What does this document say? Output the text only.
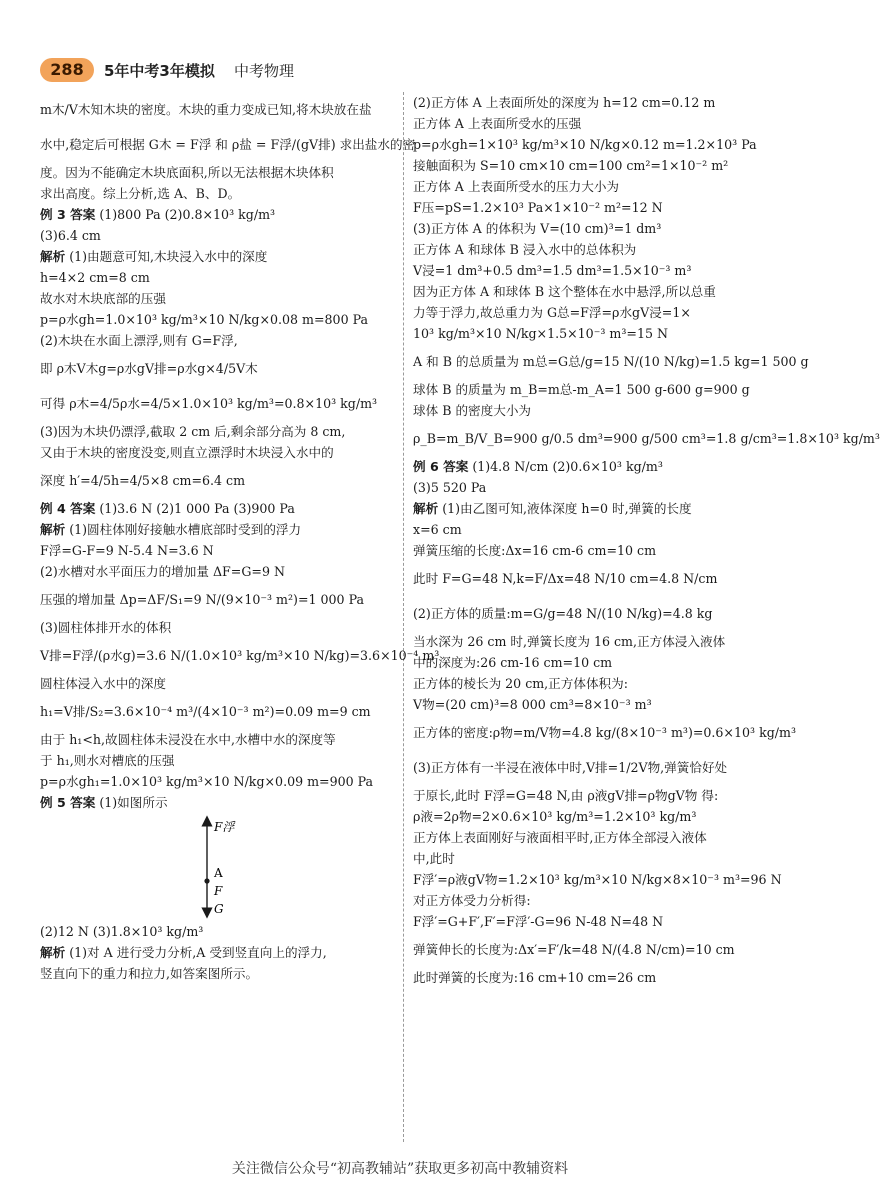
288	5年中考3年模拟 中考物理
m木/V木知木块的密度。木块的重力变成已知,将木块放在盐
水中,稳定后可根据 G木 = F浮 和 ρ盐 = F浮/(gV排) 求出盐水的密
度。因为不能确定木块底面积,所以无法根据木块体积
求出高度。综上分析,选 A、B、D。
例 3 答案 (1)800 Pa (2)0.8×10³ kg/m³
(3)6.4 cm
解析 (1)由题意可知,木块浸入水中的深度
h=4×2 cm=8 cm
故水对木块底部的压强
p=ρ水gh=1.0×10³ kg/m³×10 N/kg×0.08 m=800 Pa
(2)木块在水面上漂浮,则有 G=F浮,
即 ρ木V木g=ρ水gV排=ρ水g×4/5V木
可得 ρ木=4/5ρ水=4/5×1.0×10³ kg/m³=0.8×10³ kg/m³
(3)因为木块仍漂浮,截取 2 cm 后,剩余部分高为 8 cm,
又由于木块的密度没变,则直立漂浮时木块浸入水中的
深度 h′=4/5h=4/5×8 cm=6.4 cm
例 4 答案 (1)3.6 N (2)1 000 Pa (3)900 Pa
解析 (1)圆柱体刚好接触水槽底部时受到的浮力
F浮=G-F=9 N-5.4 N=3.6 N
(2)水槽对水平面压力的增加量 ΔF=G=9 N
压强的增加量 Δp=ΔF/S₁=9 N/(9×10⁻³ m²)=1 000 Pa
(3)圆柱体排开水的体积
V排=F浮/(ρ水g)=3.6 N/(1.0×10³ kg/m³×10 N/kg)=3.6×10⁻⁴ m³
圆柱体浸入水中的深度
h₁=V排/S₂=3.6×10⁻⁴ m³/(4×10⁻³ m²)=0.09 m=9 cm
由于 h₁<h,故圆柱体未浸没在水中,水槽中水的深度等
于 h₁,则水对槽底的压强
p=ρ水gh₁=1.0×10³ kg/m³×10 N/kg×0.09 m=900 Pa
例 5 答案 (1)如图所示
F浮
A
F
G
(2)12 N (3)1.8×10³ kg/m³
解析 (1)对 A 进行受力分析,A 受到竖直向上的浮力,
竖直向下的重力和拉力,如答案图所示。
(2)正方体 A 上表面所处的深度为 h=12 cm=0.12 m
正方体 A 上表面所受水的压强
p=ρ水gh=1×10³ kg/m³×10 N/kg×0.12 m=1.2×10³ Pa
接触面积为 S=10 cm×10 cm=100 cm²=1×10⁻² m²
正方体 A 上表面所受水的压力大小为
F压=pS=1.2×10³ Pa×1×10⁻² m²=12 N
(3)正方体 A 的体积为 V=(10 cm)³=1 dm³
正方体 A 和球体 B 浸入水中的总体积为
V浸=1 dm³+0.5 dm³=1.5 dm³=1.5×10⁻³ m³
因为正方体 A 和球体 B 这个整体在水中悬浮,所以总重
力等于浮力,故总重力为 G总=F浮=ρ水gV浸=1×
10³ kg/m³×10 N/kg×1.5×10⁻³ m³=15 N
A 和 B 的总质量为 m总=G总/g=15 N/(10 N/kg)=1.5 kg=1 500 g
球体 B 的质量为 m_B=m总-m_A=1 500 g-600 g=900 g
球体 B 的密度大小为
ρ_B=m_B/V_B=900 g/0.5 dm³=900 g/500 cm³=1.8 g/cm³=1.8×10³ kg/m³
例 6 答案 (1)4.8 N/cm (2)0.6×10³ kg/m³
(3)5 520 Pa
解析 (1)由乙图可知,液体深度 h=0 时,弹簧的长度
x=6 cm
弹簧压缩的长度:Δx=16 cm-6 cm=10 cm
此时 F=G=48 N,k=F/Δx=48 N/10 cm=4.8 N/cm
(2)正方体的质量:m=G/g=48 N/(10 N/kg)=4.8 kg
当水深为 26 cm 时,弹簧长度为 16 cm,正方体浸入液体
中的深度为:26 cm-16 cm=10 cm
正方体的棱长为 20 cm,正方体体积为:
V物=(20 cm)³=8 000 cm³=8×10⁻³ m³
正方体的密度:ρ物=m/V物=4.8 kg/(8×10⁻³ m³)=0.6×10³ kg/m³
(3)正方体有一半浸在液体中时,V排=1/2V物,弹簧恰好处
于原长,此时 F浮=G=48 N,由 ρ液gV排=ρ物gV物 得:
ρ液=2ρ物=2×0.6×10³ kg/m³=1.2×10³ kg/m³
正方体上表面刚好与液面相平时,正方体全部浸入液体
中,此时
F浮′=ρ液gV物=1.2×10³ kg/m³×10 N/kg×8×10⁻³ m³=96 N
对正方体受力分析得:
F浮′=G+F′,F′=F浮′-G=96 N-48 N=48 N
弹簧伸长的长度为:Δx′=F′/k=48 N/(4.8 N/cm)=10 cm
此时弹簧的长度为:16 cm+10 cm=26 cm
关注微信公众号“初高教辅站”获取更多初高中教辅资料
